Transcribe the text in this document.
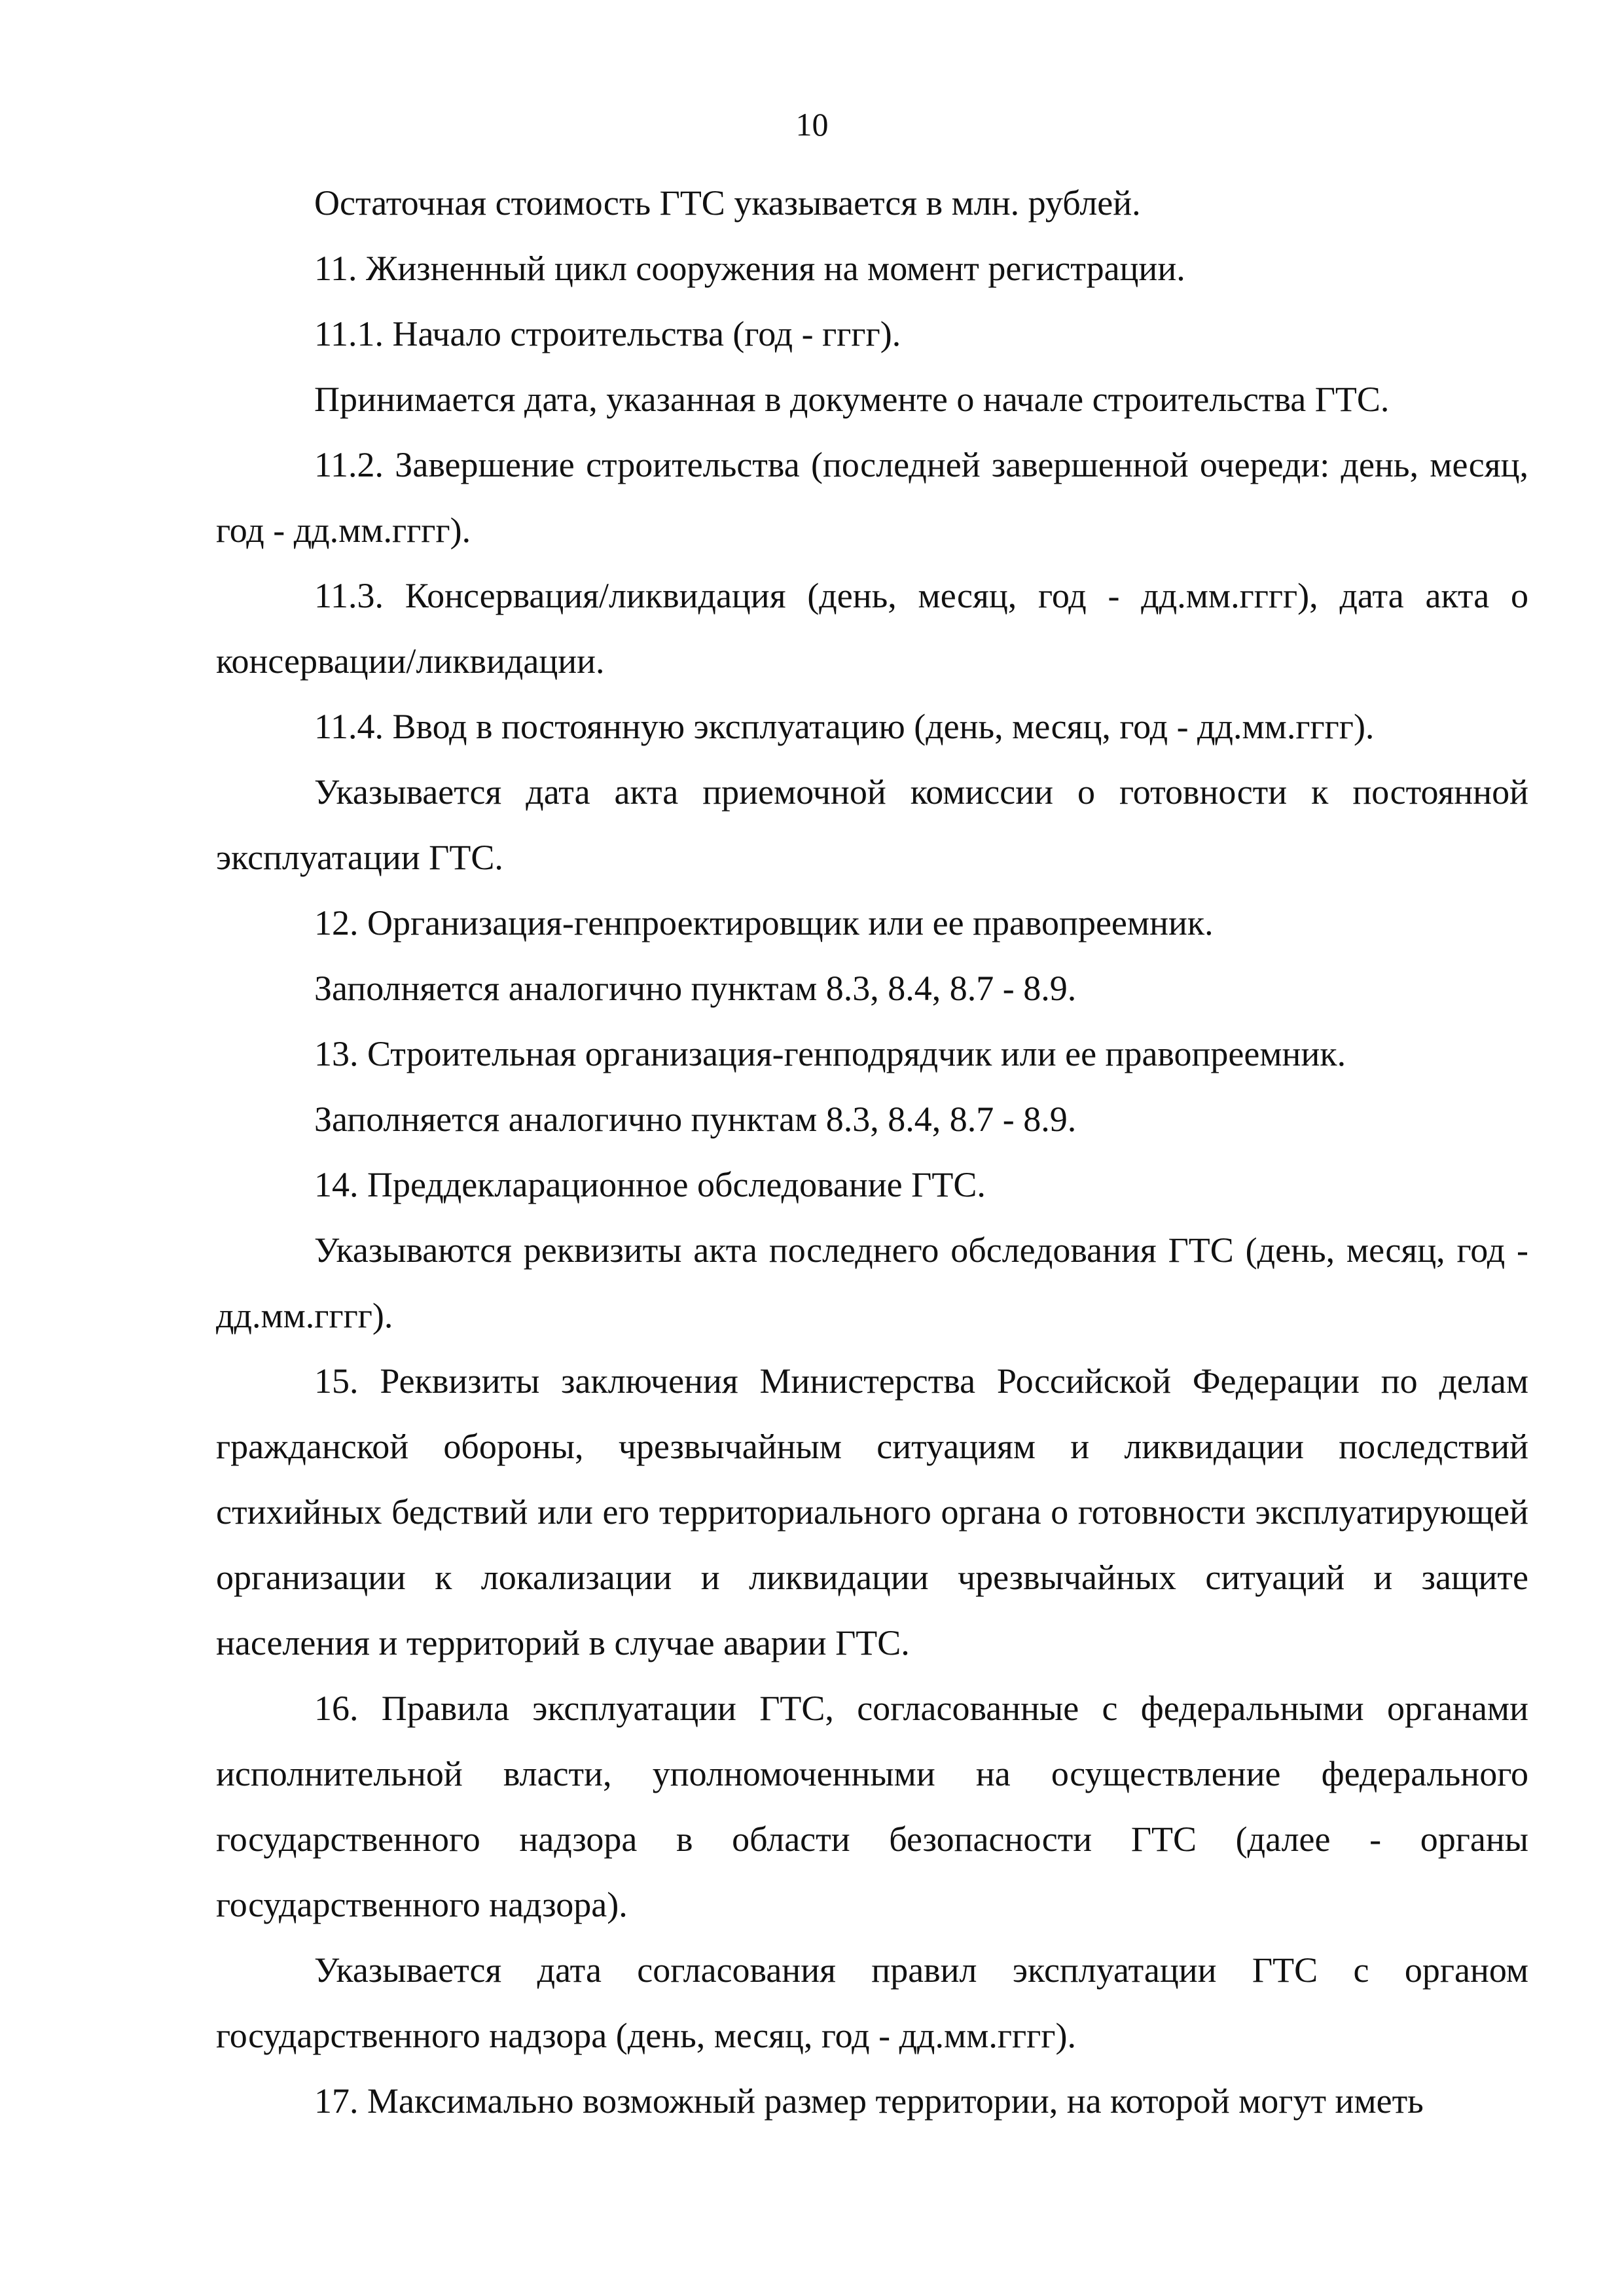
10

Остаточная стоимость ГТС указывается в млн. рублей.

11. Жизненный цикл сооружения на момент регистрации.

11.1. Начало строительства (год - гггг).

Принимается дата, указанная в документе о начале строительства ГТС.

11.2. Завершение строительства (последней завершенной очереди: день, месяц, год - дд.мм.гггг).

11.3. Консервация/ликвидация (день, месяц, год - дд.мм.гггг), дата акта о консервации/ликвидации.

11.4. Ввод в постоянную эксплуатацию (день, месяц, год - дд.мм.гггг).

Указывается дата акта приемочной комиссии о готовности к постоянной эксплуатации ГТС.

12. Организация-генпроектировщик или ее правопреемник.

Заполняется аналогично пунктам 8.3, 8.4, 8.7 - 8.9.

13. Строительная организация-генподрядчик или ее правопреемник.

Заполняется аналогично пунктам 8.3, 8.4, 8.7 - 8.9.

14. Преддекларационное обследование ГТС.

Указываются реквизиты акта последнего обследования ГТС (день, месяц, год - дд.мм.гггг).

15. Реквизиты заключения Министерства Российской Федерации по делам гражданской обороны, чрезвычайным ситуациям и ликвидации последствий стихийных бедствий или его территориального органа о готовности эксплуатирующей организации к локализации и ликвидации чрезвычайных ситуаций и защите населения и территорий в случае аварии ГТС.

16. Правила эксплуатации ГТС, согласованные с федеральными органами исполнительной власти, уполномоченными на осуществление федерального государственного надзора в области безопасности ГТС (далее - органы государственного надзора).

Указывается дата согласования правил эксплуатации ГТС с органом государственного надзора (день, месяц, год - дд.мм.гггг).

17. Максимально возможный размер территории, на которой могут иметь
